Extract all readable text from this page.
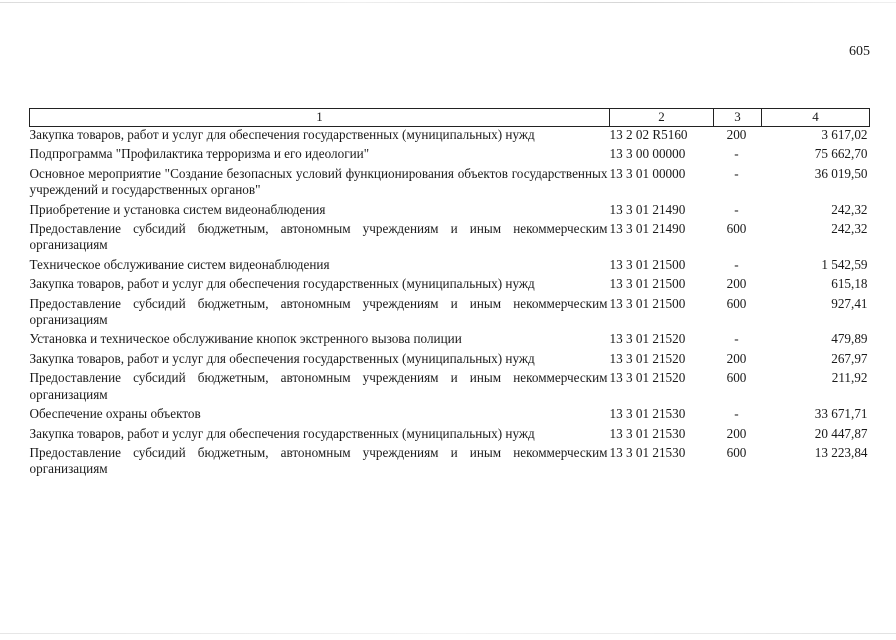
605
1	2	3	4
Закупка товаров, работ и услуг для обеспечения государственных (муниципальных) нужд	13 2 02 R5160	200	3 617,02
Подпрограмма "Профилактика терроризма и его идеологии"	13 3 00 00000	-	75 662,70
Основное мероприятие "Создание безопасных условий функционирования объектов государственных учреждений и государственных органов"	13 3 01 00000	-	36 019,50
Приобретение и установка систем видеонаблюдения	13 3 01 21490	-	242,32
Предоставление субсидий бюджетным, автономным учреждениям и иным некоммерческим организациям	13 3 01 21490	600	242,32
Техническое обслуживание систем видеонаблюдения	13 3 01 21500	-	1 542,59
Закупка товаров, работ и услуг для обеспечения государственных (муниципальных) нужд	13 3 01 21500	200	615,18
Предоставление субсидий бюджетным, автономным учреждениям и иным некоммерческим организациям	13 3 01 21500	600	927,41
Установка и техническое обслуживание кнопок экстренного вызова полиции	13 3 01 21520	-	479,89
Закупка товаров, работ и услуг для обеспечения государственных (муниципальных) нужд	13 3 01 21520	200	267,97
Предоставление субсидий бюджетным, автономным учреждениям и иным некоммерческим организациям	13 3 01 21520	600	211,92
Обеспечение охраны объектов	13 3 01 21530	-	33 671,71
Закупка товаров, работ и услуг для обеспечения государственных (муниципальных) нужд	13 3 01 21530	200	20 447,87
Предоставление субсидий бюджетным, автономным учреждениям и иным некоммерческим организациям	13 3 01 21530	600	13 223,84
